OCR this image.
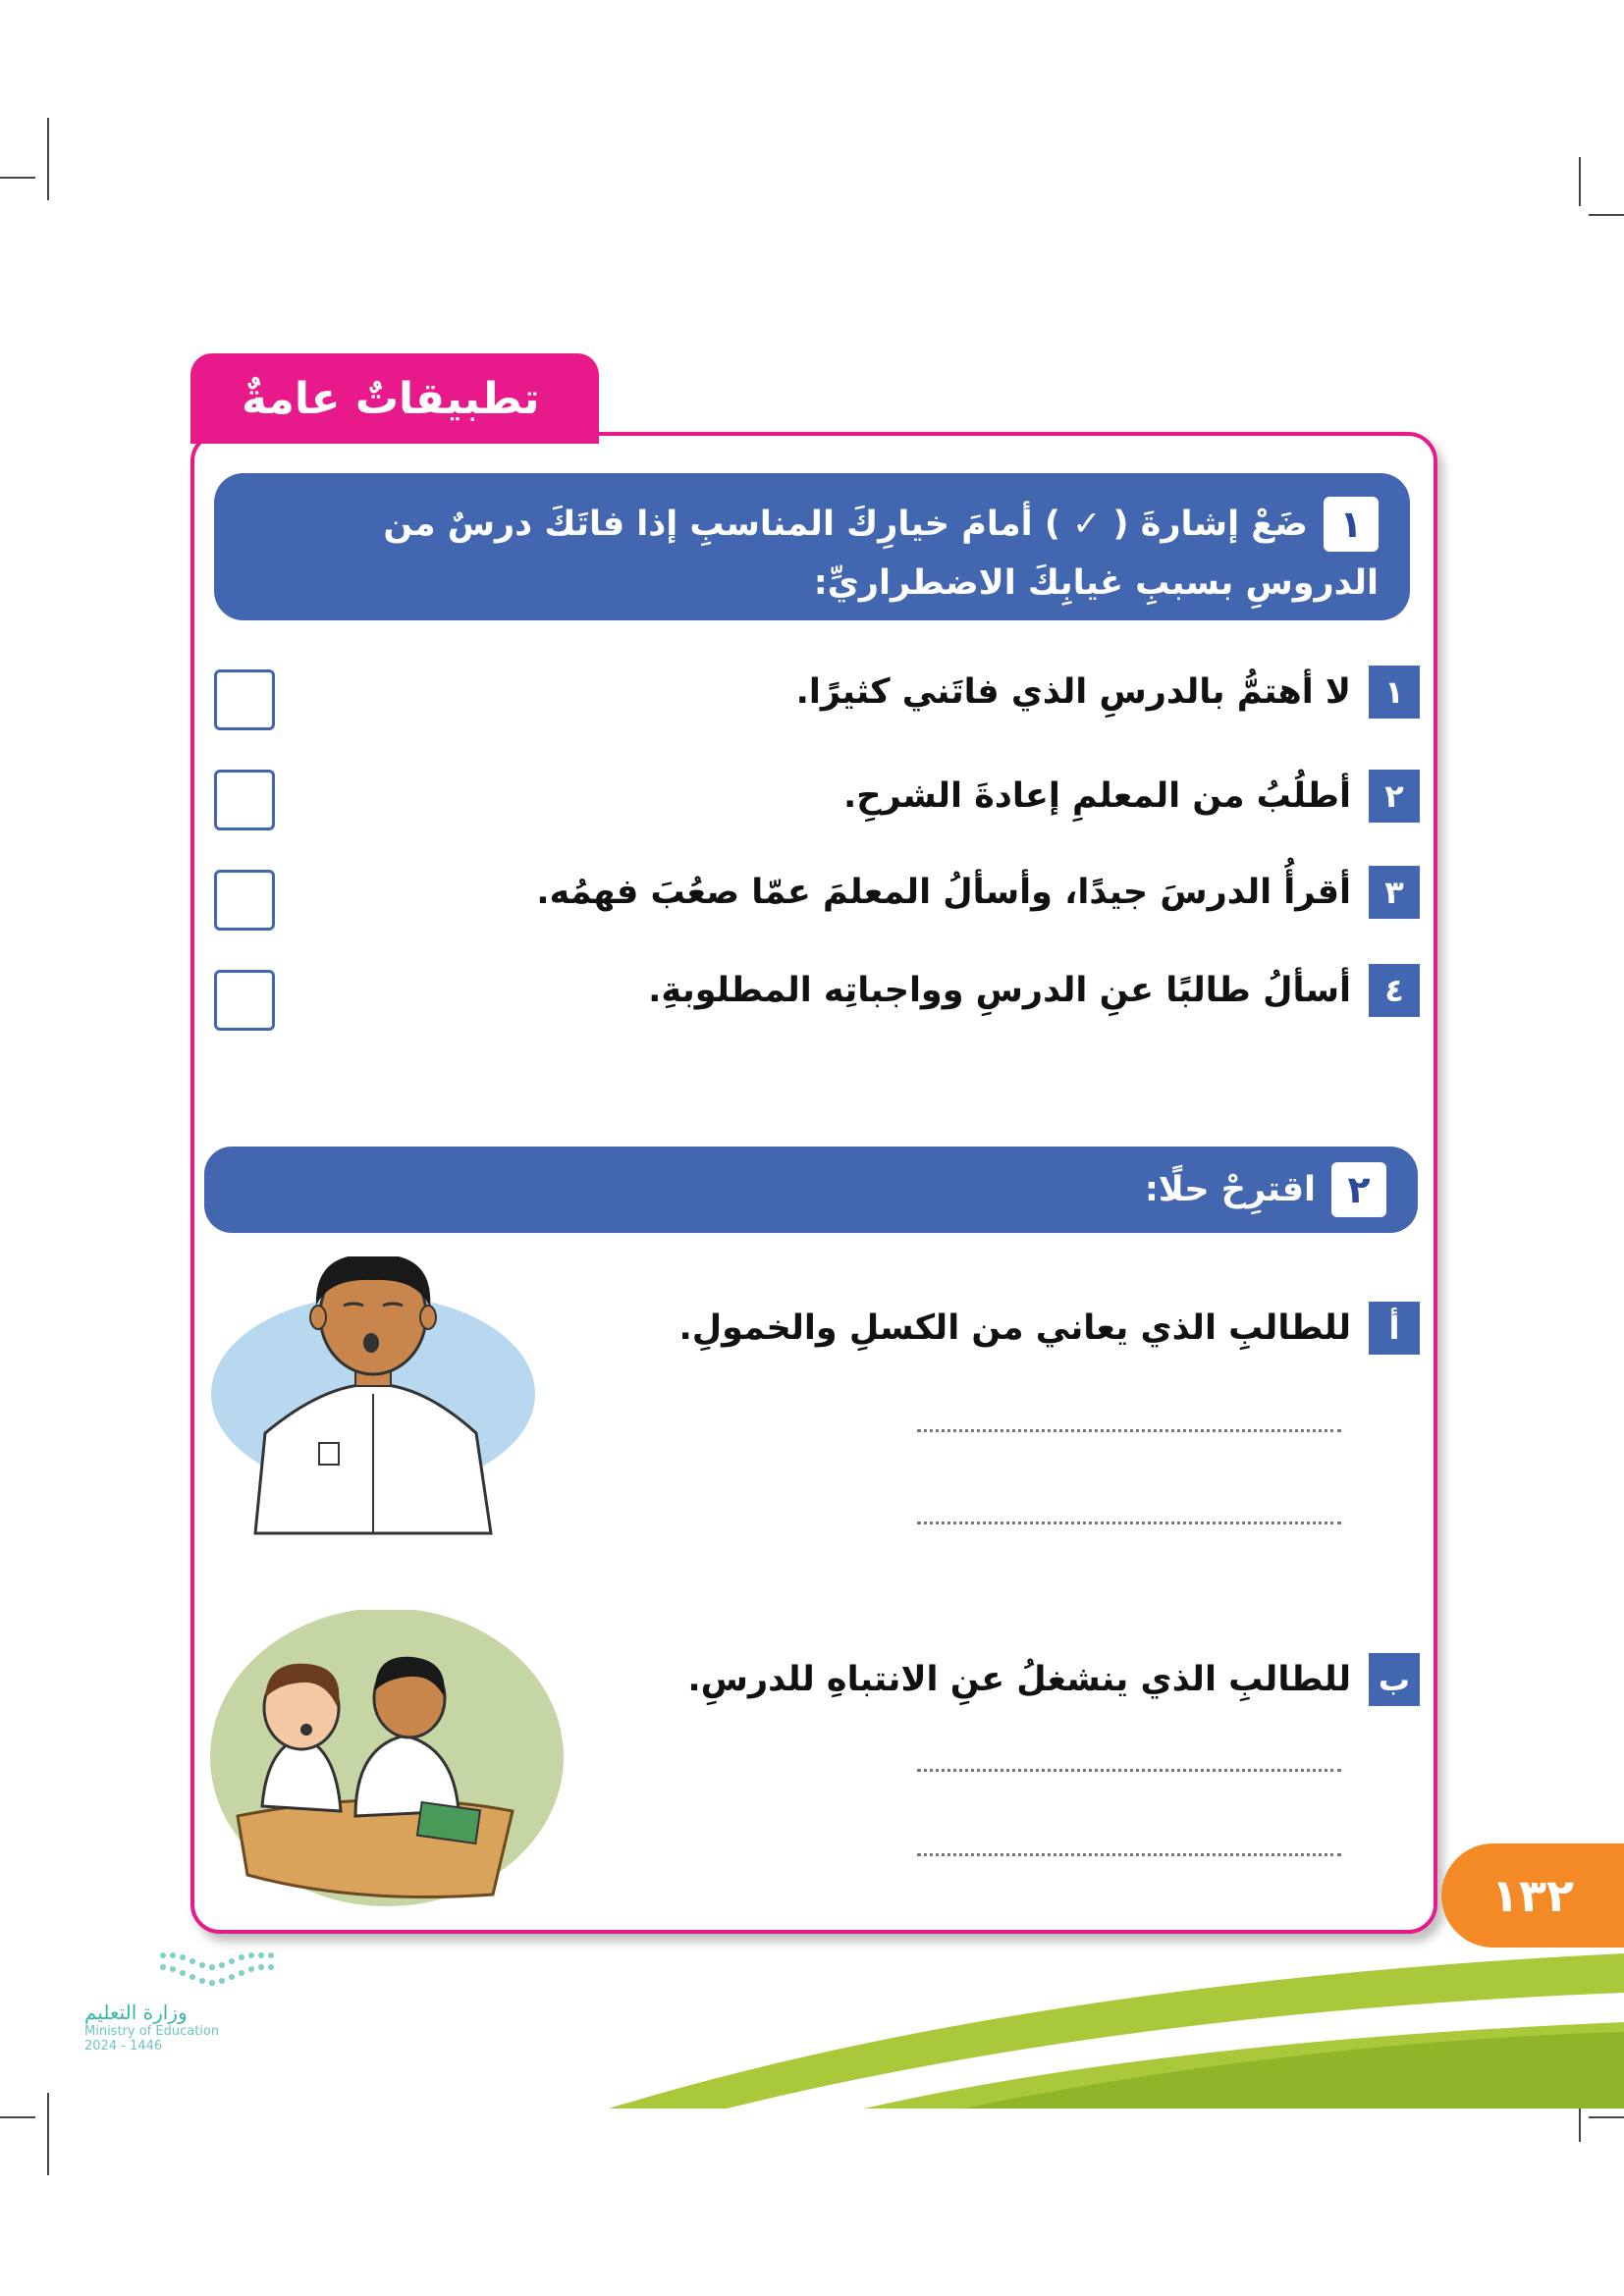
تطبيقاتٌ عامةٌ
١ضَعْ إشارةَ ( ✓ ) أمامَ خيارِكَ المناسبِ إذا فاتَكَ درسٌ من الدروسِ بسببِ غيابِكَ الاضطراريِّ:
١
لا أهتمُّ بالدرسِ الذي فاتَني كثيرًا.
٢
أطلُبُ من المعلمِ إعادةَ الشرحِ.
٣
أقرأُ الدرسَ جيدًا، وأسألُ المعلمَ عمّا صعُبَ فهمُه.
٤
أسألُ طالبًا عنِ الدرسِ وواجباتِه المطلوبةِ.
٢
اقترِحْ حلًا:
أ
للطالبِ الذي يعاني من الكسلِ والخمولِ.
ب
للطالبِ الذي ينشغلُ عنِ الانتباهِ للدرسِ.
١٣٢
وزارة التعليم
Ministry of Education
2024 - 1446
